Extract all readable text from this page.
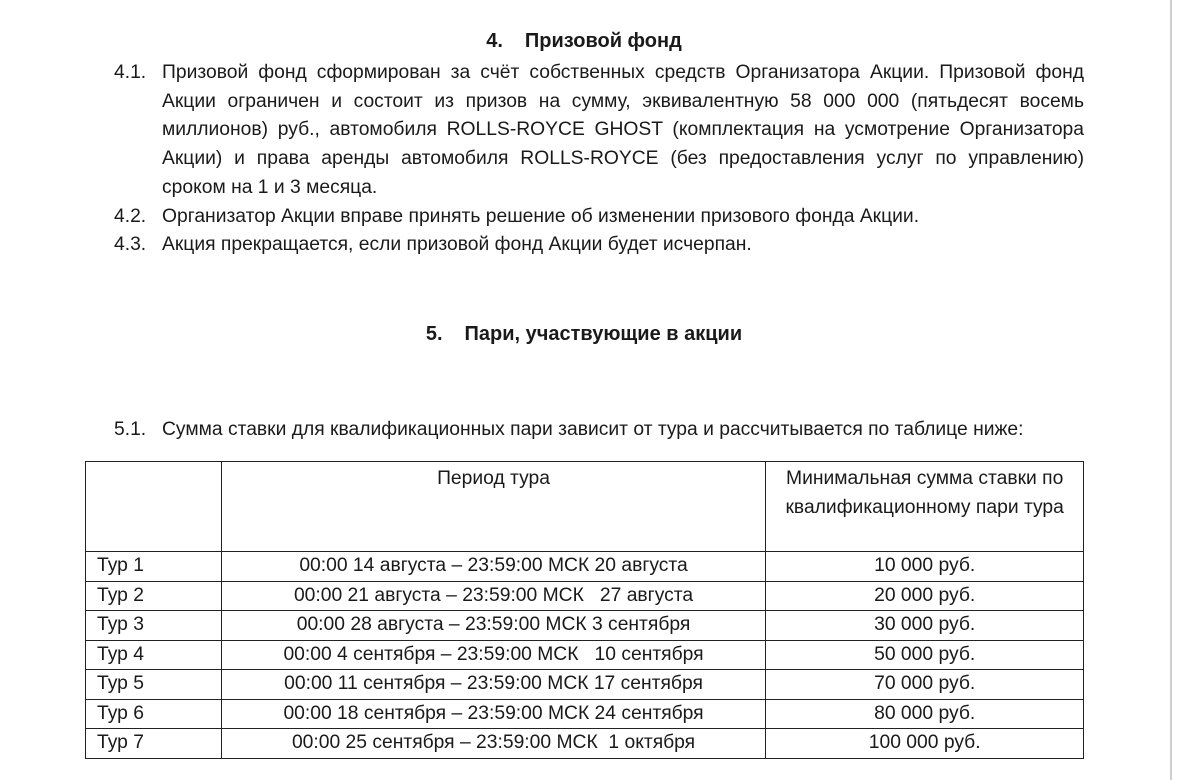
4. Призовой фонд
4.1. Призовой фонд сформирован за счёт собственных средств Организатора Акции. Призовой фонд Акции ограничен и состоит из призов на сумму, эквивалентную 58 000 000 (пятьдесят восемь миллионов) руб., автомобиля ROLLS-ROYCE GHOST (комплектация на усмотрение Организатора Акции) и права аренды автомобиля ROLLS-ROYCE (без предоставления услуг по управлению) сроком на 1 и 3 месяца.
4.2. Организатор Акции вправе принять решение об изменении призового фонда Акции.
4.3. Акция прекращается, если призовой фонд Акции будет исчерпан.
5. Пари, участвующие в акции
5.1. Сумма ставки для квалификационных пари зависит от тура и рассчитывается по таблице ниже:
	Период тура	Минимальная сумма ставки по квалификационному пари тура
Тур 1	00:00 14 августа – 23:59:00 МСК 20 августа	10 000 руб.
Тур 2	00:00 21 августа – 23:59:00 МСК   27 августа	20 000 руб.
Тур 3	00:00 28 августа – 23:59:00 МСК 3 сентября	30 000 руб.
Тур 4	00:00 4 сентября – 23:59:00 МСК   10 сентября	50 000 руб.
Тур 5	00:00 11 сентября – 23:59:00 МСК 17 сентября	70 000 руб.
Тур 6	00:00 18 сентября – 23:59:00 МСК 24 сентября	80 000 руб.
Тур 7	00:00 25 сентября – 23:59:00 МСК  1 октября	100 000 руб.
